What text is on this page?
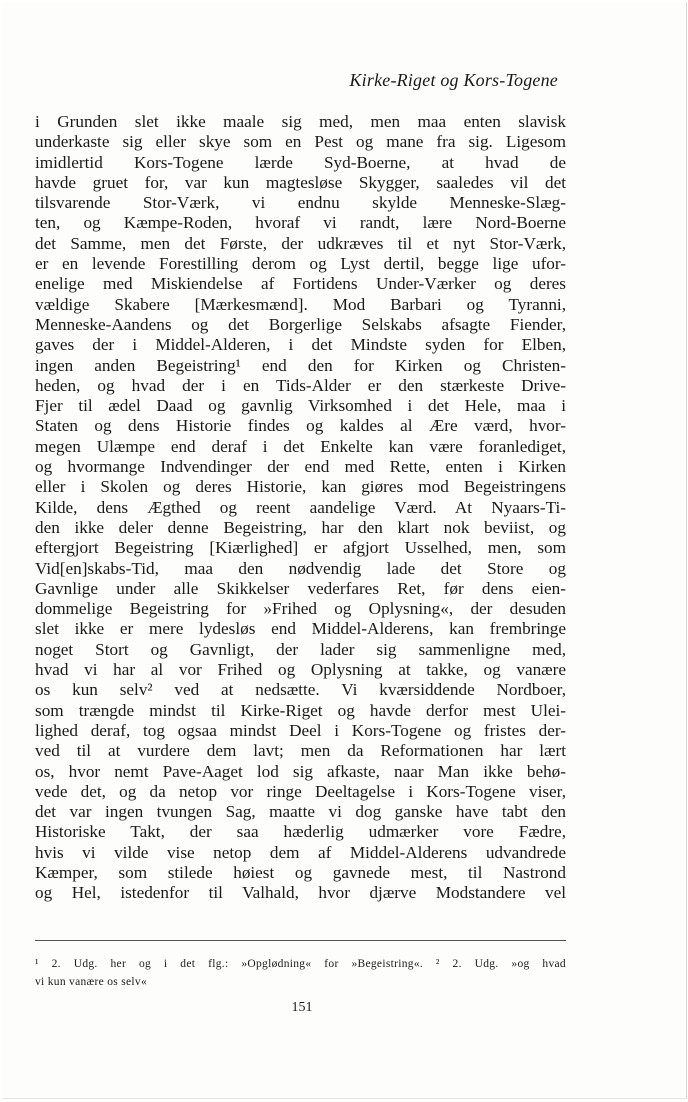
Kirke-Riget og Kors-Togene
i Grunden slet ikke maale sig med, men maa enten slavisk
underkaste sig eller skye som en Pest og mane fra sig. Ligesom
imidlertid Kors-Togene lærde Syd-Boerne, at hvad de
havde gruet for, var kun magtesløse Skygger, saaledes vil det
tilsvarende Stor-Værk, vi endnu skylde Menneske-Slæg-
ten, og Kæmpe-Roden, hvoraf vi randt, lære Nord-Boerne
det Samme, men det Første, der udkræves til et nyt Stor-Værk,
er en levende Forestilling derom og Lyst dertil, begge lige ufor-
enelige med Miskiendelse af Fortidens Under-Værker og deres
vældige Skabere [Mærkesmænd]. Mod Barbari og Tyranni,
Menneske-Aandens og det Borgerlige Selskabs afsagte Fiender,
gaves der i Middel-Alderen, i det Mindste syden for Elben,
ingen anden Begeistring¹ end den for Kirken og Christen-
heden, og hvad der i en Tids-Alder er den stærkeste Drive-
Fjer til ædel Daad og gavnlig Virksomhed i det Hele, maa i
Staten og dens Historie findes og kaldes al Ære værd, hvor-
megen Ulæmpe end deraf i det Enkelte kan være foranlediget,
og hvormange Indvendinger der end med Rette, enten i Kirken
eller i Skolen og deres Historie, kan giøres mod Begeistringens
Kilde, dens Ægthed og reent aandelige Værd. At Nyaars-Ti-
den ikke deler denne Begeistring, har den klart nok beviist, og
eftergjort Begeistring [Kiærlighed] er afgjort Usselhed, men, som
Vid[en]skabs-Tid, maa den nødvendig lade det Store og
Gavnlige under alle Skikkelser vederfares Ret, før dens eien-
dommelige Begeistring for »Frihed og Oplysning«, der desuden
slet ikke er mere lydesløs end Middel-Alderens, kan frembringe
noget Stort og Gavnligt, der lader sig sammenligne med,
hvad vi har al vor Frihed og Oplysning at takke, og vanære
os kun selv² ved at nedsætte. Vi kværsiddende Nordboer,
som trængde mindst til Kirke-Riget og havde derfor mest Ulei-
lighed deraf, tog ogsaa mindst Deel i Kors-Togene og fristes der-
ved til at vurdere dem lavt; men da Reformationen har lært
os, hvor nemt Pave-Aaget lod sig afkaste, naar Man ikke behø-
vede det, og da netop vor ringe Deeltagelse i Kors-Togene viser,
det var ingen tvungen Sag, maatte vi dog ganske have tabt den
Historiske Takt, der saa hæderlig udmærker vore Fædre,
hvis vi vilde vise netop dem af Middel-Alderens udvandrede
Kæmper, som stilede høiest og gavnede mest, til Nastrond
og Hel, istedenfor til Valhald, hvor djærve Modstandere vel
¹ 2. Udg. her og i det flg.: »Opglødning« for »Begeistring«. ² 2. Udg. »og hvad
vi kun vanære os selv«
151
